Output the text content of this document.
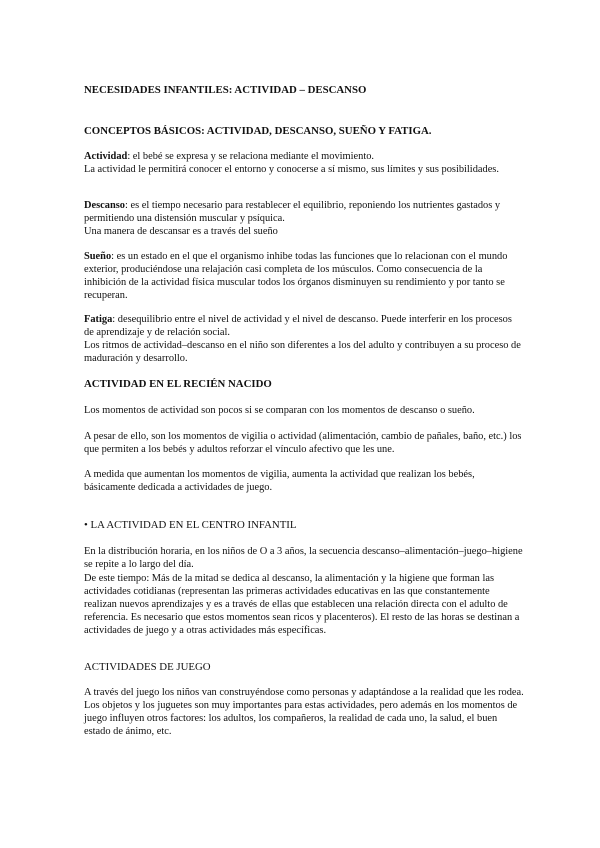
NECESIDADES INFANTILES: ACTIVIDAD – DESCANSO

CONCEPTOS BÁSICOS: ACTIVIDAD, DESCANSO, SUEÑO Y FATIGA.

Actividad: el bebé se expresa y se relaciona mediante el movimiento.
La actividad le permitirá conocer el entorno y conocerse a sí mismo, sus límites y sus posibilidades.

Descanso: es el tiempo necesario para restablecer el equilibrio, reponiendo los nutrientes gastados y permitiendo una distensión muscular y psíquica.
Una manera de descansar es a través del sueño

Sueño: es un estado en el que el organismo inhibe todas las funciones que lo relacionan con el mundo exterior, produciéndose una relajación casi completa de los músculos. Como consecuencia de la inhibición de la actividad física muscular todos los órganos disminuyen su rendimiento y por tanto se recuperan.

Fatiga: desequilibrio entre el nivel de actividad y el nivel de descanso. Puede interferir en los procesos de aprendizaje y de relación social.
Los ritmos de actividad–descanso en el niño son diferentes a los del adulto y contribuyen a su proceso de maduración y desarrollo.

ACTIVIDAD EN EL RECIÉN NACIDO

Los momentos de actividad son pocos si se comparan con los momentos de descanso o sueño.

A pesar de ello, son los momentos de vigilia o actividad (alimentación, cambio de pañales, baño, etc.) los que permiten a los bebés y adultos reforzar el vínculo afectivo que les une.

A medida que aumentan los momentos de vigilia, aumenta la actividad que realizan los bebés, básicamente dedicada a actividades de juego.

• LA ACTIVIDAD EN EL CENTRO INFANTIL

En la distribución horaria, en los niños de O a 3 años, la secuencia descanso–alimentación–juego–higiene se repite a lo largo del día.

De este tiempo: Más de la mitad se dedica al descanso, la alimentación y la higiene que forman las actividades cotidianas (representan las primeras actividades educativas en las que constantemente realizan nuevos aprendizajes y es a través de ellas que establecen una relación directa con el adulto de referencia. Es necesario que estos momentos sean ricos y placenteros). El resto de las horas se destinan a actividades de juego y a otras actividades más específicas.

ACTIVIDADES DE JUEGO

A través del juego los niños van construyéndose como personas y adaptándose a la realidad que les rodea. Los objetos y los juguetes son muy importantes para estas actividades, pero además en los momentos de juego influyen otros factores: los adultos, los compañeros, la realidad de cada uno, la salud, el buen estado de ánimo, etc.
